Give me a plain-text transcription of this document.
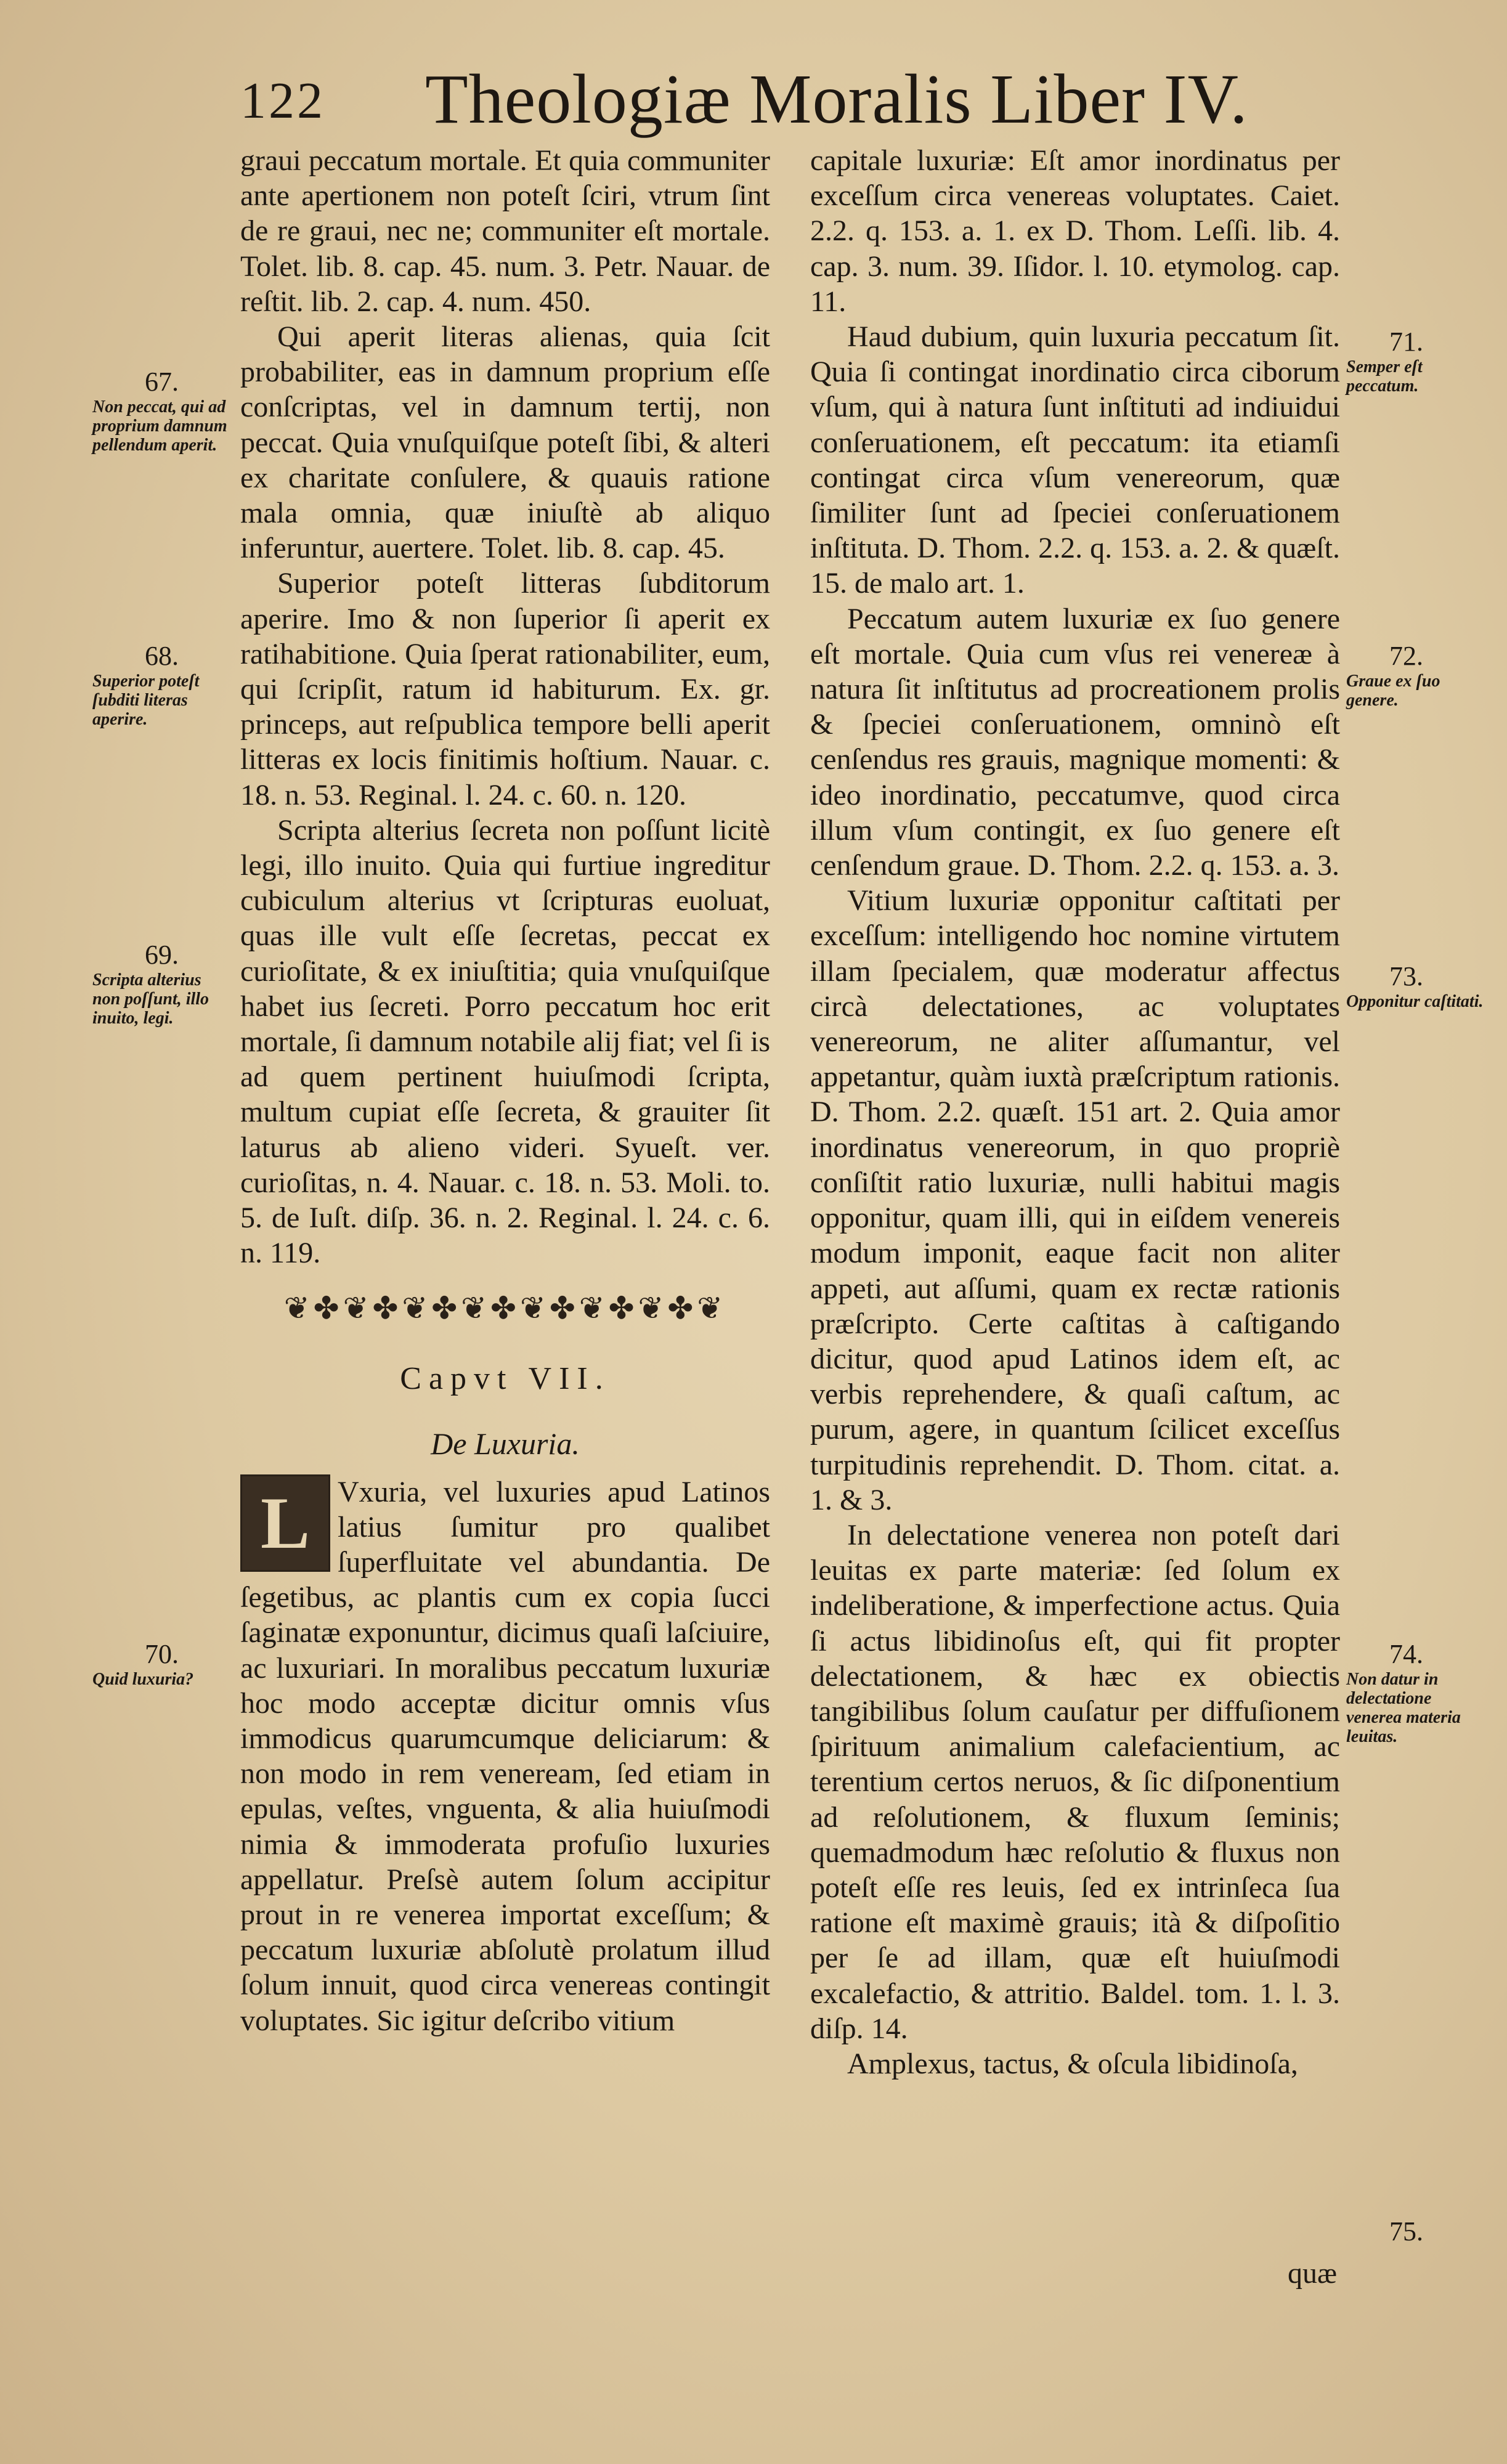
122 Theologiæ Moralis Liber IV.

graui peccatum mortale. Et quia communiter ante apertionem non poteſt ſciri, vtrum ſint de re graui, nec ne; communiter eſt mortale. Tolet. lib. 8. cap. 45. num. 3. Petr. Nauar. de reſtit. lib. 2. cap. 4. num. 450.

Qui aperit literas alienas, quia ſcit probabiliter, eas in damnum proprium eſſe conſcriptas, vel in damnum tertij, non peccat. Quia vnuſquiſque poteſt ſibi, & alteri ex charitate conſulere, & quauis ratione mala omnia, quæ iniuſtè ab aliquo inferuntur, auertere. Tolet. lib. 8. cap. 45.

Superior poteſt litteras ſubditorum aperire. Imo & non ſuperior ſi aperit ex ratihabitione. Quia ſperat rationabiliter, eum, qui ſcripſit, ratum id habiturum. Ex. gr. princeps, aut reſpublica tempore belli aperit litteras ex locis finitimis hoſtium. Nauar. c. 18. n. 53. Reginal. l. 24. c. 60. n. 120.

Scripta alterius ſecreta non poſſunt licitè legi, illo inuito. Quia qui furtiue ingreditur cubiculum alterius vt ſcripturas euoluat, quas ille vult eſſe ſecretas, peccat ex curioſitate, & ex iniuſtitia; quia vnuſquiſque habet ius ſecreti. Porro peccatum hoc erit mortale, ſi damnum notabile alij fiat; vel ſi is ad quem pertinent huiuſmodi ſcripta, multum cupiat eſſe ſecreta, & grauiter ſit laturus ab alieno videri. Syueſt. ver. curioſitas, n. 4. Nauar. c. 18. n. 53. Moli. to. 5. de Iuſt. diſp. 36. n. 2. Reginal. l. 24. c. 6. n. 119.

❦✤❦✤❦✤❦✤❦✤❦✤❦✤❦
Capvt VII.
De Luxuria.

L Vxuria, vel luxuries apud Latinos latius ſumitur pro qualibet ſuperfluitate vel abundantia. De ſegetibus, ac plantis cum ex copia ſucci ſaginatæ exponuntur, dicimus quaſi laſciuire, ac luxuriari. In moralibus peccatum luxuriæ hoc modo acceptæ dicitur omnis vſus immodicus quarumcumque deliciarum: & non modo in rem veneream, ſed etiam in epulas, veſtes, vnguenta, & alia huiuſmodi nimia & immoderata profuſio luxuries appellatur. Preſsè autem ſolum accipitur prout in re venerea importat exceſſum; & peccatum luxuriæ abſolutè prolatum illud ſolum innuit, quod circa venereas contingit voluptates. Sic igitur deſcribo vitium

capitale luxuriæ: Eſt amor inordinatus per exceſſum circa venereas voluptates. Caiet. 2.2. q. 153. a. 1. ex D. Thom. Leſſi. lib. 4. cap. 3. num. 39. Iſidor. l. 10. etymolog. cap. 11.

Haud dubium, quin luxuria peccatum ſit. Quia ſi contingat inordinatio circa ciborum vſum, qui à natura ſunt inſtituti ad indiuidui conſeruationem, eſt peccatum: ita etiamſi contingat circa vſum venereorum, quæ ſimiliter ſunt ad ſpeciei conſeruationem inſtituta. D. Thom. 2.2. q. 153. a. 2. & quæſt. 15. de malo art. 1.

Peccatum autem luxuriæ ex ſuo genere eſt mortale. Quia cum vſus rei venereæ à natura ſit inſtitutus ad procreationem prolis & ſpeciei conſeruationem, omninò eſt cenſendus res grauis, magnique momenti: & ideo inordinatio, peccatumve, quod circa illum vſum contingit, ex ſuo genere eſt cenſendum graue. D. Thom. 2.2. q. 153. a. 3.

Vitium luxuriæ opponitur caſtitati per exceſſum: intelligendo hoc nomine virtutem illam ſpecialem, quæ moderatur affectus circà delectationes, ac voluptates venereorum, ne aliter aſſumantur, vel appetantur, quàm iuxtà præſcriptum rationis. D. Thom. 2.2. quæſt. 151 art. 2. Quia amor inordinatus venereorum, in quo propriè conſiſtit ratio luxuriæ, nulli habitui magis opponitur, quam illi, qui in eiſdem venereis modum imponit, eaque facit non aliter appeti, aut aſſumi, quam ex rectæ rationis præſcripto. Certe caſtitas à caſtigando dicitur, quod apud Latinos idem eſt, ac verbis reprehendere, & quaſi caſtum, ac purum, agere, in quantum ſcilicet exceſſus turpitudinis reprehendit. D. Thom. citat. a. 1. & 3.

In delectatione venerea non poteſt dari leuitas ex parte materiæ: ſed ſolum ex indeliberatione, & imperfectione actus. Quia ſi actus libidinoſus eſt, qui fit propter delectationem, & hæc ex obiectis tangibilibus ſolum cauſatur per diffuſionem ſpirituum animalium calefacientium, ac terentium certos neruos, & ſic diſponentium ad reſolutionem, & fluxum ſeminis; quemadmodum hæc reſolutio & fluxus non poteſt eſſe res leuis, ſed ex intrinſeca ſua ratione eſt maximè grauis; ità & diſpoſitio per ſe ad illam, quæ eſt huiuſmodi excalefactio, & attritio. Baldel. tom. 1. l. 3. diſp. 14.

Amplexus, tactus, & oſcula libidinoſa,

quæ
67.
Non peccat, qui ad proprium damnum pellendum aperit.
68.
Superior poteſt ſubditi literas aperire.
69.
Scripta alterius non poſſunt, illo inuito, legi.
70.
Quid luxuria?
71.
Semper eſt peccatum.
72.
Graue ex ſuo genere.
73.
Opponitur caſtitati.
74.
Non datur in delectatione venerea materia leuitas.
75.
